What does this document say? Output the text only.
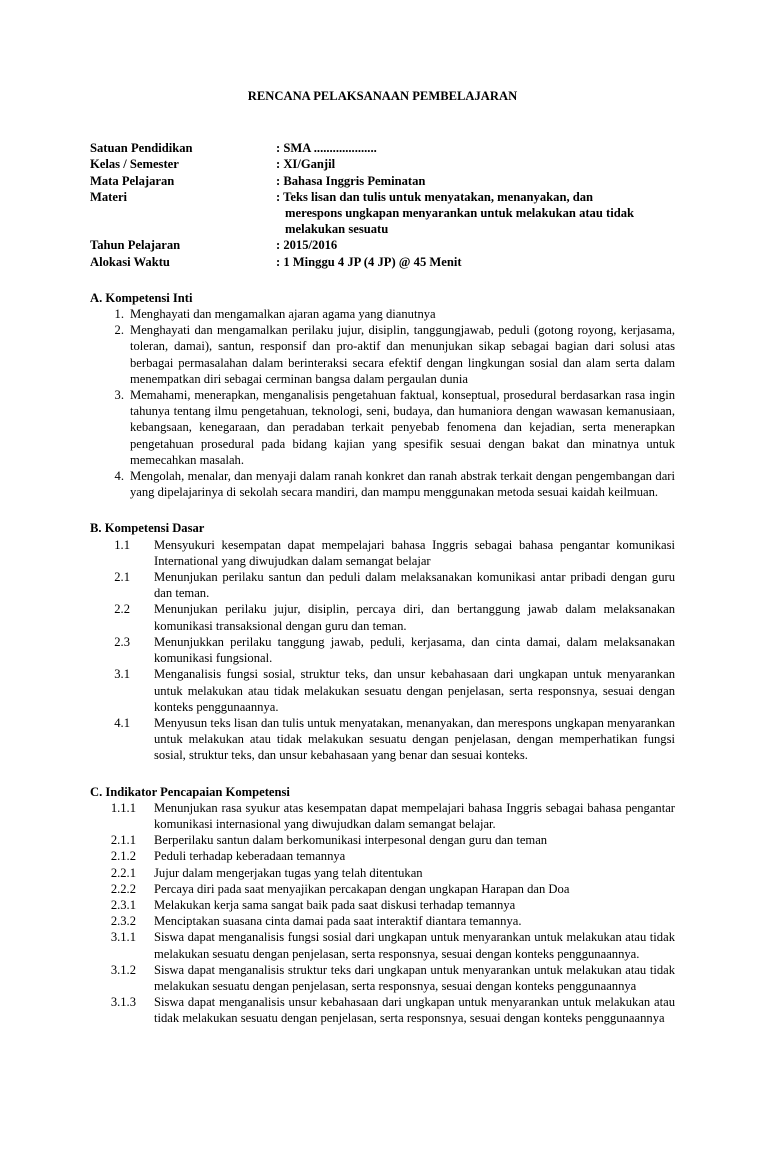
RENCANA PELAKSANAAN PEMBELAJARAN
Satuan Pendidikan	: SMA ....................
Kelas / Semester	: XI/Ganjil
Mata Pelajaran	: Bahasa Inggris Peminatan
Materi	: Teks lisan dan tulis untuk menyatakan, menanyakan, dan
merespons ungkapan menyarankan untuk melakukan atau tidak
melakukan sesuatu
Tahun Pelajaran	: 2015/2016
Alokasi Waktu	: 1 Minggu 4 JP (4 JP) @ 45 Menit
A. Kompetensi Inti
1. Menghayati dan mengamalkan ajaran agama yang dianutnya
2. Menghayati dan mengamalkan perilaku jujur, disiplin, tanggungjawab, peduli (gotong royong, kerjasama, toleran, damai), santun, responsif dan pro-aktif dan menunjukan sikap sebagai bagian dari solusi atas berbagai permasalahan dalam berinteraksi secara efektif dengan lingkungan sosial dan alam serta dalam menempatkan diri sebagai cerminan bangsa dalam pergaulan dunia
3. Memahami, menerapkan, menganalisis pengetahuan faktual, konseptual, prosedural berdasarkan rasa ingin tahunya tentang ilmu pengetahuan, teknologi, seni, budaya, dan humaniora dengan wawasan kemanusiaan, kebangsaan, kenegaraan, dan peradaban terkait penyebab fenomena dan kejadian, serta menerapkan pengetahuan prosedural pada bidang kajian yang spesifik sesuai dengan bakat dan minatnya untuk memecahkan masalah.
4. Mengolah, menalar, dan menyaji dalam ranah konkret dan ranah abstrak terkait dengan pengembangan dari yang dipelajarinya di sekolah secara mandiri, dan mampu menggunakan metoda sesuai kaidah keilmuan.
B. Kompetensi Dasar
1.1	Mensyukuri kesempatan dapat mempelajari bahasa Inggris sebagai bahasa pengantar komunikasi International yang diwujudkan dalam semangat belajar
2.1	Menunjukan perilaku santun dan peduli dalam melaksanakan komunikasi antar pribadi dengan guru dan teman.
2.2	Menunjukan perilaku jujur, disiplin, percaya diri, dan bertanggung jawab dalam melaksanakan komunikasi transaksional dengan guru dan teman.
2.3	Menunjukkan perilaku tanggung jawab, peduli, kerjasama, dan cinta damai, dalam melaksanakan komunikasi fungsional.
3.1	Menganalisis fungsi sosial, struktur teks, dan unsur kebahasaan dari ungkapan untuk menyarankan untuk melakukan atau tidak melakukan sesuatu dengan penjelasan, serta responsnya, sesuai dengan konteks penggunaannya.
4.1	Menyusun teks lisan dan tulis untuk menyatakan, menanyakan, dan merespons ungkapan menyarankan untuk melakukan atau tidak melakukan sesuatu dengan penjelasan, dengan memperhatikan fungsi sosial, struktur teks, dan unsur kebahasaan yang benar dan sesuai konteks.
C. Indikator Pencapaian Kompetensi
1.1.1	Menunjukan rasa syukur atas kesempatan dapat mempelajari bahasa Inggris sebagai bahasa pengantar komunikasi internasional yang diwujudkan dalam semangat belajar.
2.1.1	Berperilaku santun dalam berkomunikasi interpesonal dengan guru dan teman
2.1.2	Peduli terhadap keberadaan temannya
2.2.1	Jujur dalam mengerjakan tugas yang telah ditentukan
2.2.2	Percaya diri pada saat menyajikan percakapan dengan ungkapan Harapan dan Doa
2.3.1	Melakukan kerja sama sangat baik pada saat diskusi terhadap temannya
2.3.2	Menciptakan suasana cinta damai pada saat interaktif diantara temannya.
3.1.1	Siswa dapat menganalisis fungsi sosial dari ungkapan untuk menyarankan untuk melakukan atau tidak melakukan sesuatu dengan penjelasan, serta responsnya, sesuai dengan konteks penggunaannya.
3.1.2	Siswa dapat menganalisis struktur teks dari ungkapan untuk menyarankan untuk melakukan atau tidak melakukan sesuatu dengan penjelasan, serta responsnya, sesuai dengan konteks penggunaannya
3.1.3	Siswa dapat menganalisis unsur kebahasaan dari ungkapan untuk menyarankan untuk melakukan atau tidak melakukan sesuatu dengan penjelasan, serta responsnya, sesuai dengan konteks penggunaannya
